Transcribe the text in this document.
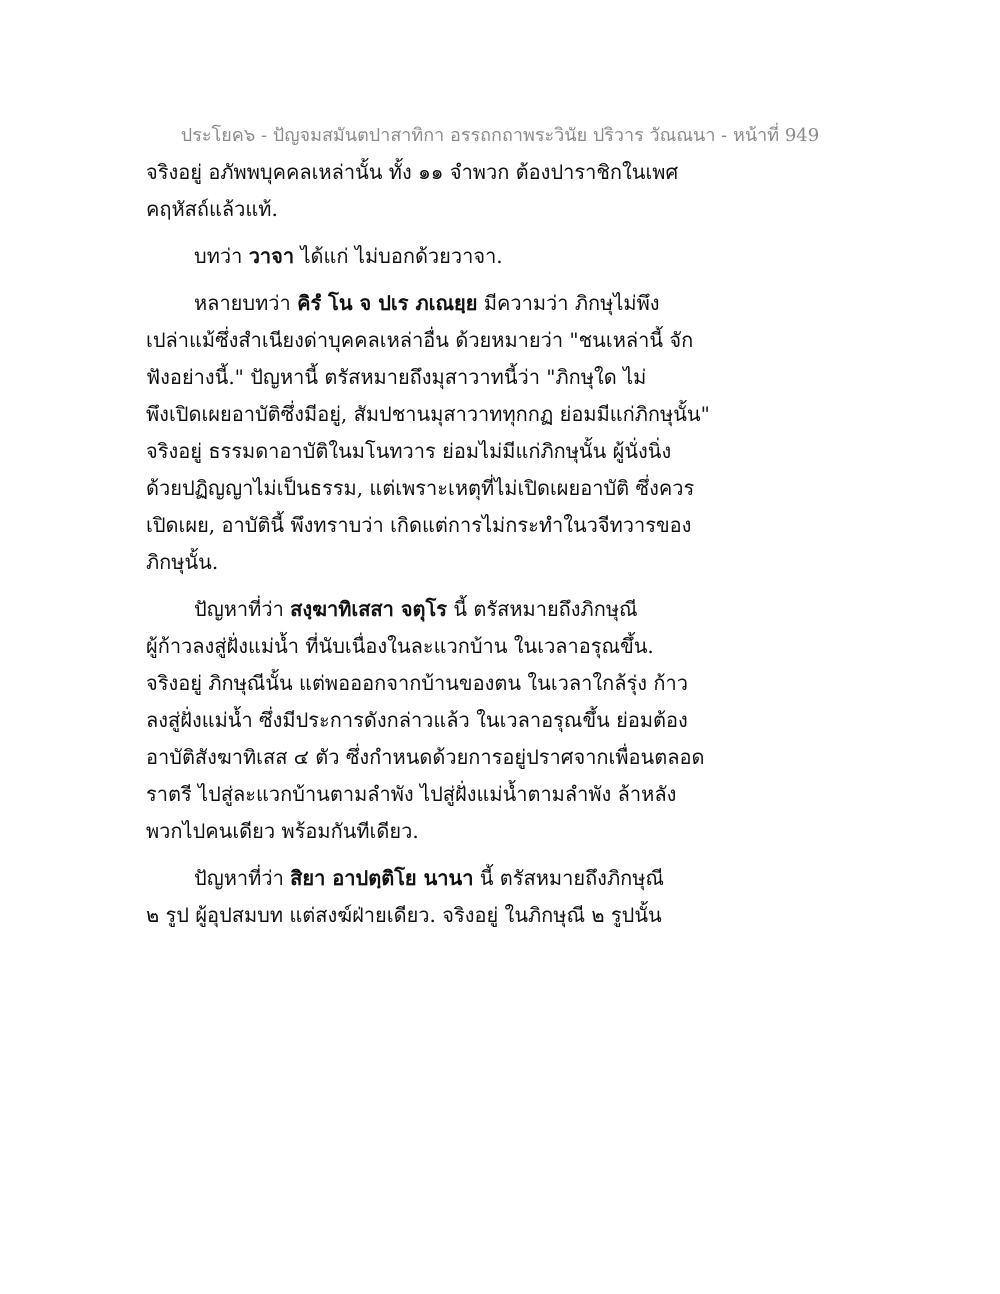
ประโยค๖ - ปัญจมสมันตปาสาทิกา อรรถกถาพระวินัย ปริวาร วัณณนา - หน้าที่ 949
จริงอยู่ อภัพพบุคคลเหล่านั้น ทั้ง ๑๑ จำพวก ต้องปาราชิกในเพศ
คฤหัสถ์แล้วแท้.
บทว่า วาจา ได้แก่ ไม่บอกด้วยวาจา.
หลายบทว่า คิรํ โน จ ปเร ภเณยฺย มีความว่า ภิกษุไม่พึง
เปล่าแม้ซึ่งสำเนียงด่าบุคคลเหล่าอื่น ด้วยหมายว่า "ชนเหล่านี้ จัก
ฟังอย่างนี้." ปัญหานี้ ตรัสหมายถึงมุสาวาทนี้ว่า "ภิกษุใด ไม่
พึงเปิดเผยอาบัติซึ่งมีอยู่, สัมปชานมุสาวาททุกกฏ ย่อมมีแก่ภิกษุนั้น"
จริงอยู่ ธรรมดาอาบัติในมโนทวาร ย่อมไม่มีแก่ภิกษุนั้น ผู้นั่งนิ่ง
ด้วยปฏิญญาไม่เป็นธรรม, แต่เพราะเหตุที่ไม่เปิดเผยอาบัติ ซึ่งควร
เปิดเผย, อาบัตินี้ พึงทราบว่า เกิดแต่การไม่กระทำในวจีทวารของ
ภิกษุนั้น.
ปัญหาที่ว่า สงฺฆาทิเสสา จตุโร นี้ ตรัสหมายถึงภิกษุณี
ผู้ก้าวลงสู่ฝั่งแม่น้ำ ที่นับเนื่องในละแวกบ้าน ในเวลาอรุณขึ้น.
จริงอยู่ ภิกษุณีนั้น แต่พอออกจากบ้านของตน ในเวลาใกล้รุ่ง ก้าว
ลงสู่ฝั่งแม่น้ำ ซึ่งมีประการดังกล่าวแล้ว ในเวลาอรุณขึ้น ย่อมต้อง
อาบัติสังฆาทิเสส ๔ ตัว ซึ่งกำหนดด้วยการอยู่ปราศจากเพื่อนตลอด
ราตรี ไปสู่ละแวกบ้านตามลำพัง ไปสู่ฝั่งแม่น้ำตามลำพัง ล้าหลัง
พวกไปคนเดียว พร้อมกันทีเดียว.
ปัญหาที่ว่า สิยา อาปตฺติโย นานา นี้ ตรัสหมายถึงภิกษุณี
๒ รูป ผู้อุปสมบท แต่สงฆ์ฝ่ายเดียว. จริงอยู่ ในภิกษุณี ๒ รูปนั้น
